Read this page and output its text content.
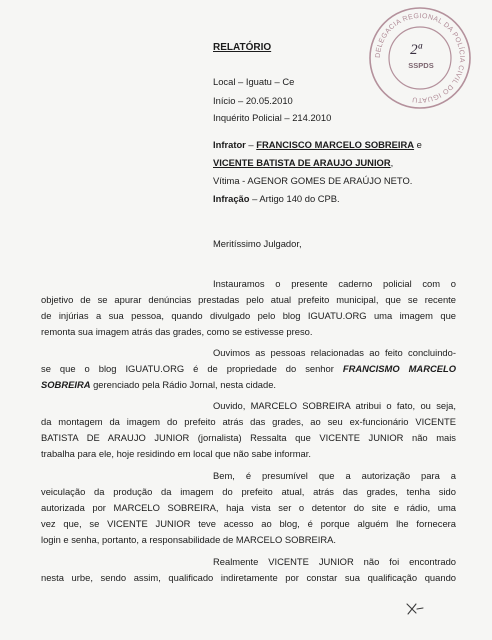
RELATÓRIO
Local – Iguatu – Ce
Início – 20.05.2010
Inquérito Policial – 214.2010
Infrator – FRANCISCO MARCELO SOBREIRA e
VICENTE BATISTA DE ARAUJO JUNIOR,
Vítima - AGENOR GOMES DE ARAÚJO NETO.
Infração – Artigo 140 do CPB.
Meritíssimo Julgador,
Instauramos o presente caderno policial com o
objetivo de se apurar denúncias prestadas pelo atual prefeito municipal, que se recente
de injúrias a sua pessoa, quando divulgado pelo blog IGUATU.ORG uma imagem que
remonta sua imagem atrás das grades, como se estivesse preso.
Ouvimos as pessoas relacionadas ao feito concluindo-
se que o blog IGUATU.ORG é de propriedade do senhor FRANCISMO MARCELO
SOBREIRA gerenciado pela Rádio Jornal, nesta cidade.
Ouvido, MARCELO SOBREIRA atribui o fato, ou seja,
da montagem da imagem do prefeito atrás das grades, ao seu ex-funcionário VICENTE
BATISTA DE ARAUJO JUNIOR (jornalista) Ressalta que VICENTE JUNIOR não mais
trabalha para ele, hoje residindo em local que não sabe informar.
Bem, é presumível que a autorização para a
veiculação da produção da imagem do prefeito atual, atrás das grades, tenha sido
autorizada por MARCELO SOBREIRA, haja vista ser o detentor do site e rádio, uma
vez que, se VICENTE JUNIOR teve acesso ao blog, é porque alguém lhe fornecera
login e senha, portanto, a responsabilidade de MARCELO SOBREIRA.
Realmente VICENTE JUNIOR não foi encontrado
nesta urbe, sendo assim, qualificado indiretamente por constar sua qualificação quando
DELEGACIA REGIONAL DA POLÍCIA CIVIL DO IGUATU
2ª
SSPDS
